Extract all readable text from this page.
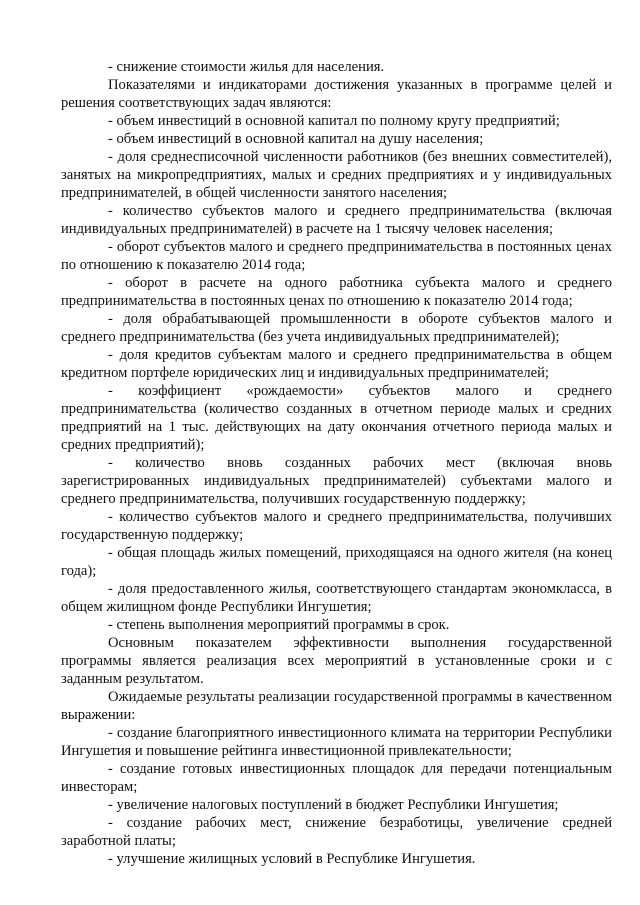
- снижение стоимости жилья для населения.

Показателями и индикаторами достижения указанных в программе целей и решения соответствующих задач являются:

- объем инвестиций в основной капитал по полному кругу предприятий;

- объем инвестиций в основной капитал на душу населения;

- доля среднесписочной численности работников (без внешних совместителей), занятых на микропредприятиях, малых и средних предприятиях и у индивидуальных предпринимателей, в общей численности занятого населения;

- количество субъектов малого и среднего предпринимательства (включая индивидуальных предпринимателей) в расчете на 1 тысячу человек населения;

- оборот субъектов малого и среднего предпринимательства в постоянных ценах по отношению к показателю 2014 года;

- оборот в расчете на одного работника субъекта малого и среднего предпринимательства в постоянных ценах по отношению к показателю 2014 года;

- доля обрабатывающей промышленности в обороте субъектов малого и среднего предпринимательства (без учета индивидуальных предпринимателей);

- доля кредитов субъектам малого и среднего предпринимательства в общем кредитном портфеле юридических лиц и индивидуальных предпринимателей;

- коэффициент «рождаемости» субъектов малого и среднего предпринимательства (количество созданных в отчетном периоде малых и средних предприятий на 1 тыс. действующих на дату окончания отчетного периода малых и средних предприятий);

- количество вновь созданных рабочих мест (включая вновь зарегистрированных индивидуальных предпринимателей) субъектами малого и среднего предпринимательства, получивших государственную поддержку;

- количество субъектов малого и среднего предпринимательства, получивших государственную поддержку;

- общая площадь жилых помещений, приходящаяся на одного жителя (на конец года);

- доля предоставленного жилья, соответствующего стандартам экономкласса, в общем жилищном фонде Республики Ингушетия;

- степень выполнения мероприятий программы в срок.

Основным показателем эффективности выполнения государственной программы является реализация всех мероприятий в установленные сроки и с заданным результатом.

Ожидаемые результаты реализации государственной программы в качественном выражении:

- создание благоприятного инвестиционного климата на территории Республики Ингушетия и повышение рейтинга инвестиционной привлекательности;

- создание готовых инвестиционных площадок для передачи потенциальным инвесторам;

- увеличение налоговых поступлений в бюджет Республики Ингушетия;

- создание рабочих мест, снижение безработицы, увеличение средней заработной платы;

- улучшение жилищных условий в Республике Ингушетия.
